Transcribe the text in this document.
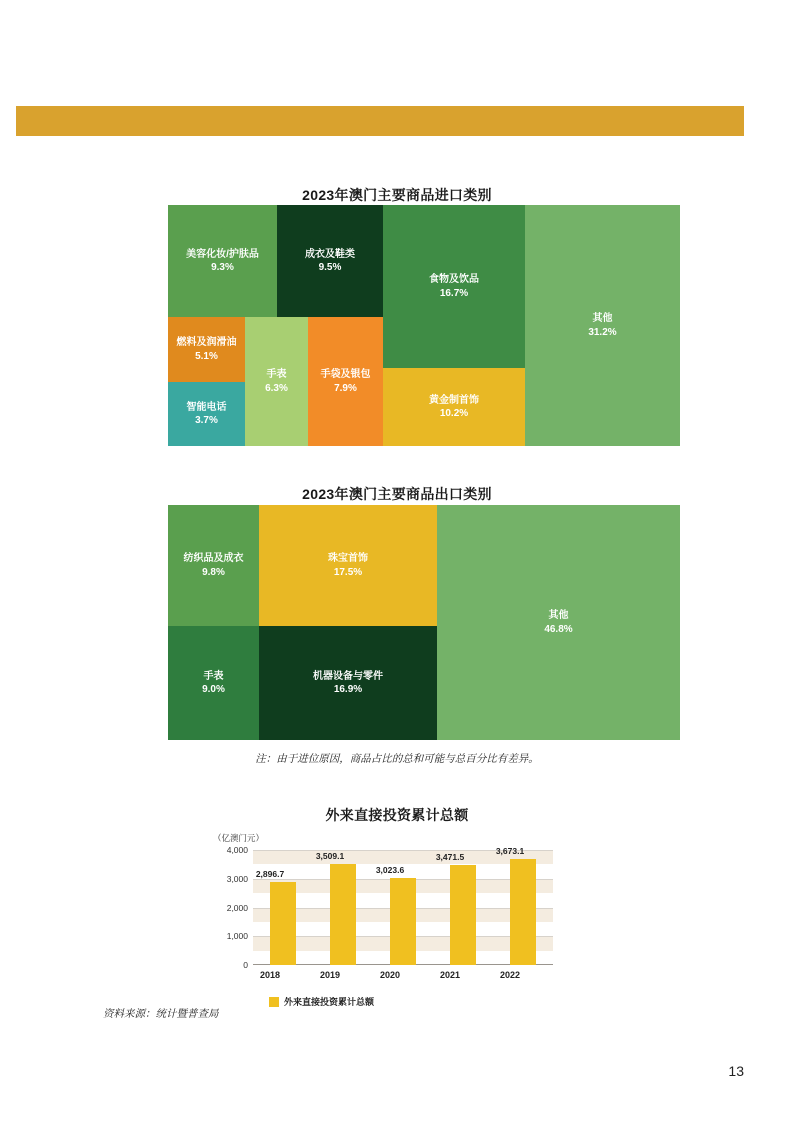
2023年澳门主要商品进口类别
美容化妆/护肤品
9.3%
成衣及鞋类
9.5%
食物及饮品
16.7%
其他
31.2%
燃料及润滑油
5.1%
智能电话
3.7%
手表
6.3%
手袋及银包
7.9%
黄金制首饰
10.2%
2023年澳门主要商品出口类别
纺织品及成衣
9.8%
珠宝首饰
17.5%
其他
46.8%
手表
9.0%
机器设备与零件
16.9%
注：由于进位原因，商品占比的总和可能与总百分比有差异。
外来直接投资累计总额
（亿澳门元）
4,000
3,000
2,000
1,000
0
2,896.7
3,509.1
3,023.6
3,471.5
3,673.1
2018	2019	2020	2021	2022
外来直接投资累计总额
资料来源：统计暨普查局
13
